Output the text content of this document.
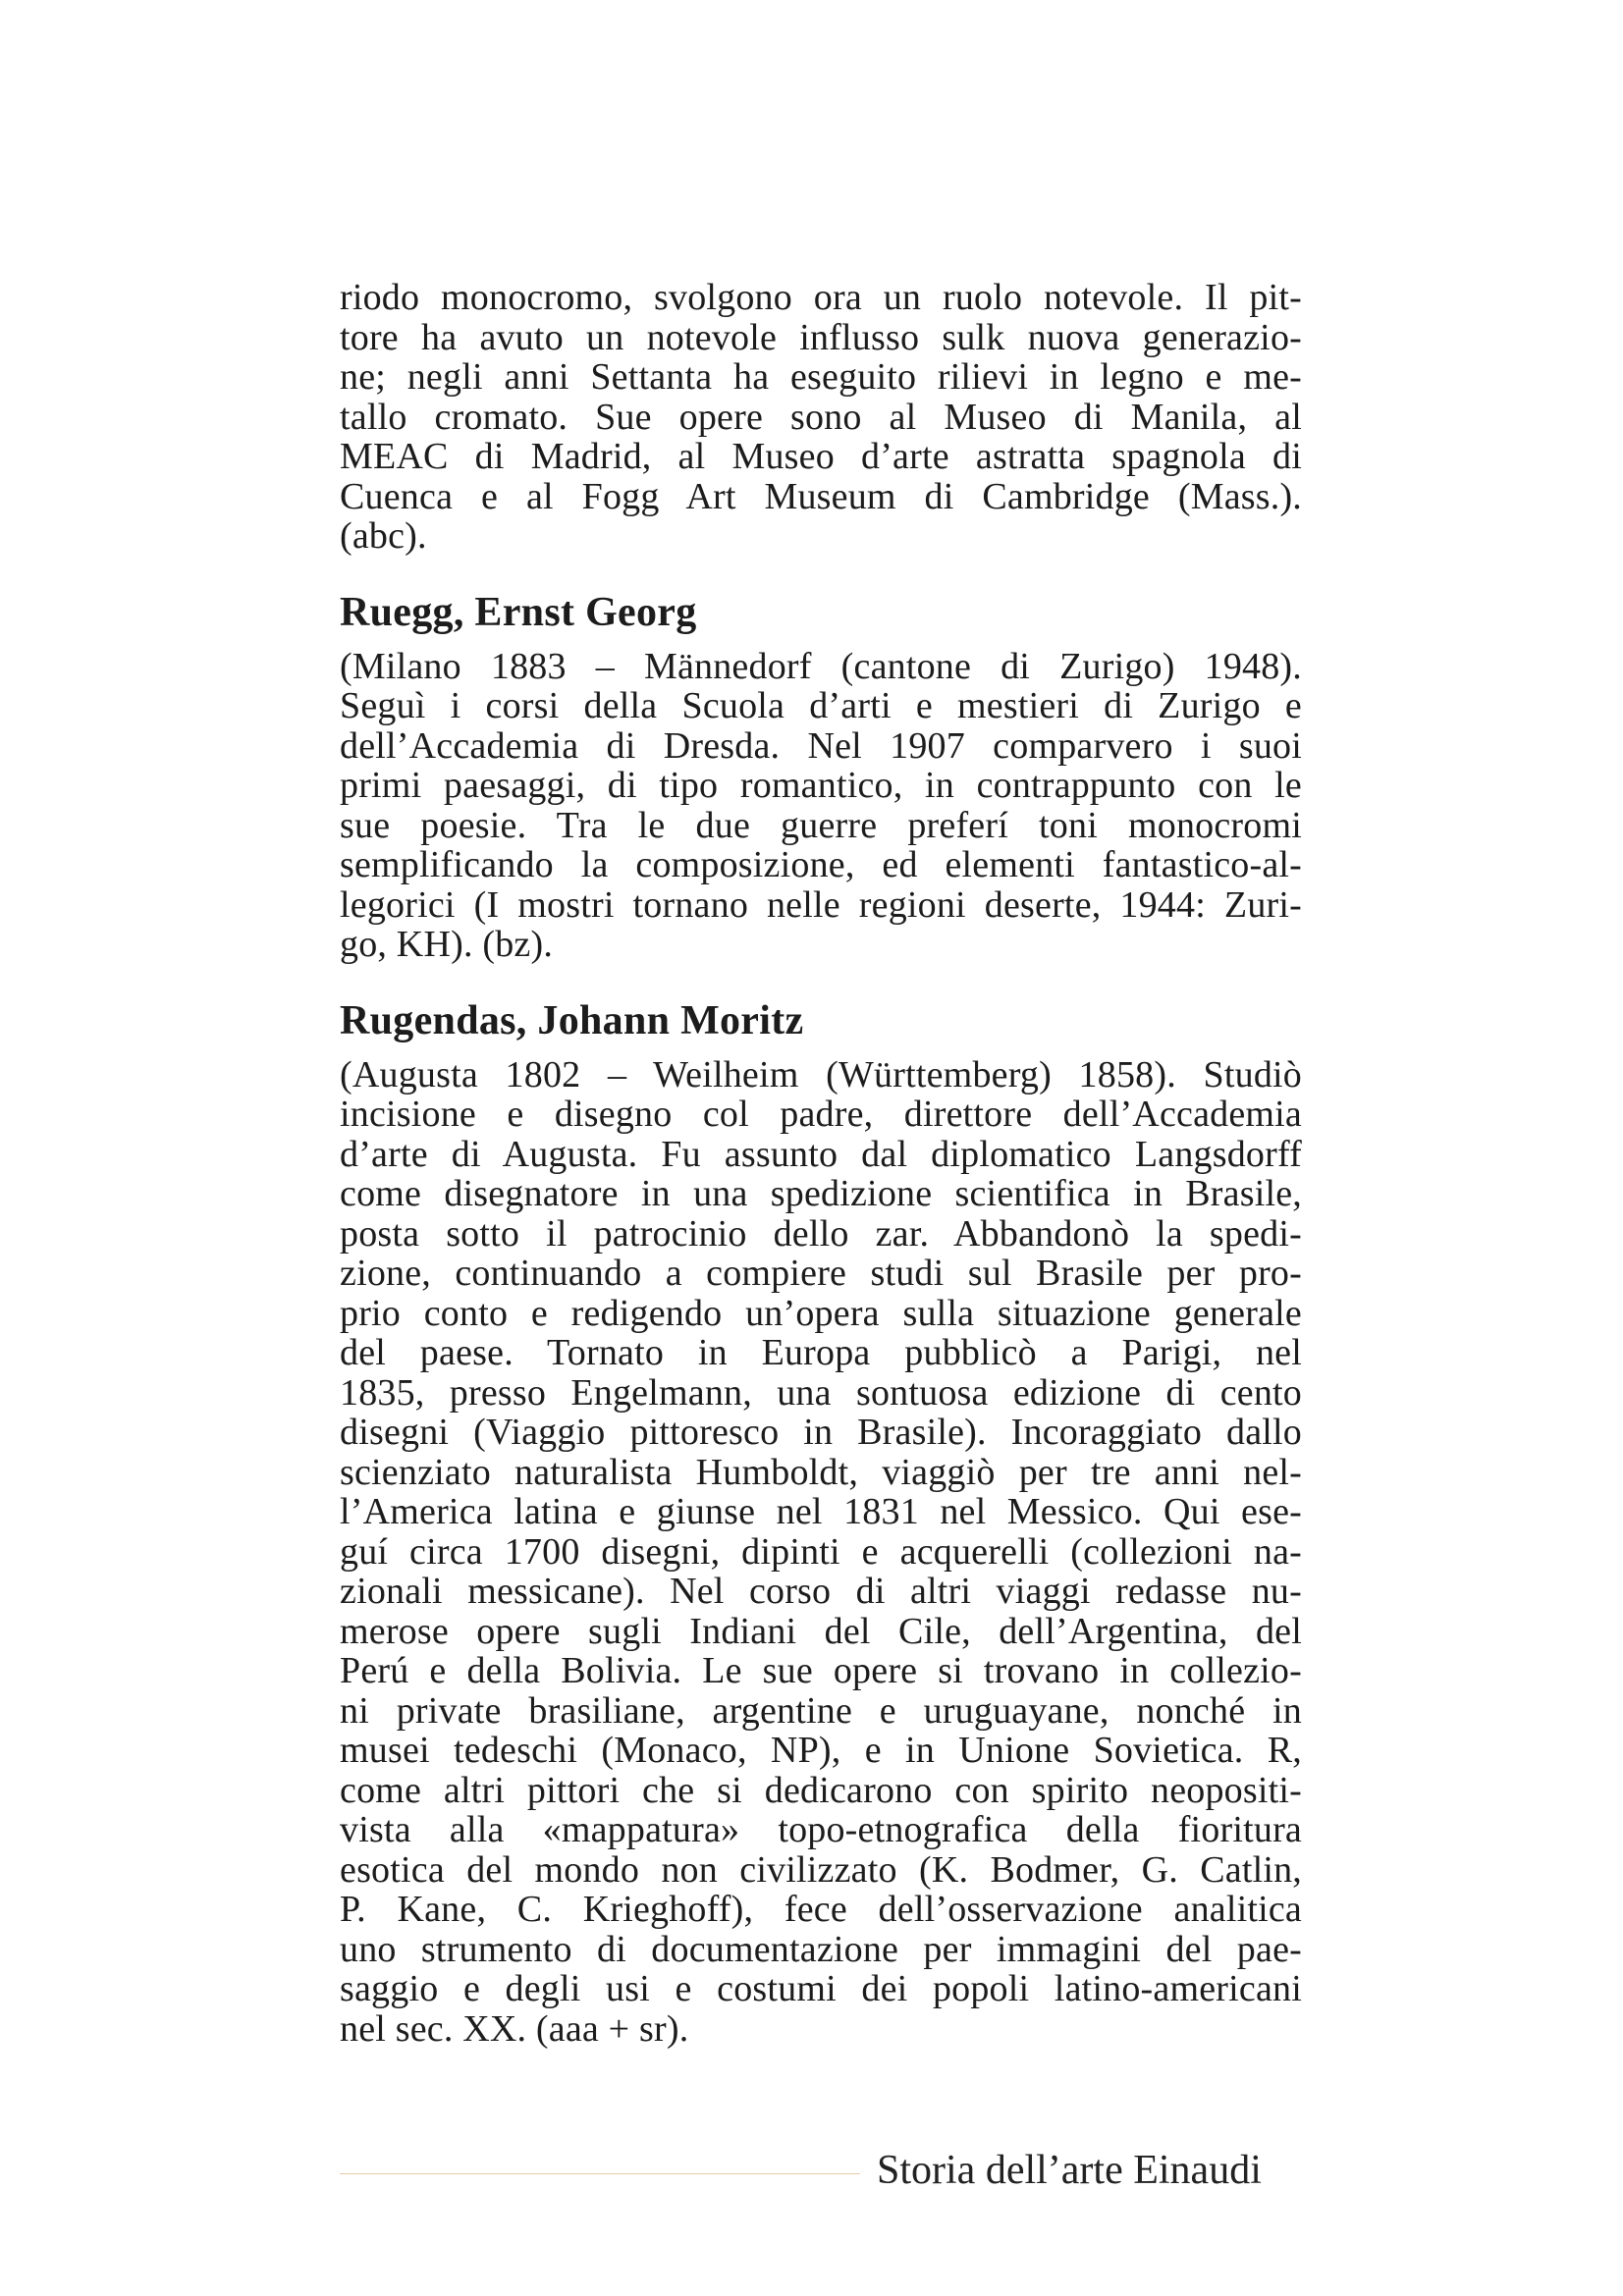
riodo monocromo, svolgono ora un ruolo notevole. Il pit-
tore ha avuto un notevole influsso sulk nuova generazio-
ne; negli anni Settanta ha eseguito rilievi in legno e me-
tallo cromato. Sue opere sono al Museo di Manila, al
MEAC di Madrid, al Museo d’arte astratta spagnola di
Cuenca e al Fogg Art Museum di Cambridge (Mass.).
(abc).
Ruegg, Ernst Georg
(Milano 1883 – Männedorf (cantone di Zurigo) 1948).
Seguì i corsi della Scuola d’arti e mestieri di Zurigo e
dell’Accademia di Dresda. Nel 1907 comparvero i suoi
primi paesaggi, di tipo romantico, in contrappunto con le
sue poesie. Tra le due guerre preferí toni monocromi
semplificando la composizione, ed elementi fantastico-al-
legorici (I mostri tornano nelle regioni deserte, 1944: Zuri-
go, KH). (bz).
Rugendas, Johann Moritz
(Augusta 1802 – Weilheim (Württemberg) 1858). Studiò
incisione e disegno col padre, direttore dell’Accademia
d’arte di Augusta. Fu assunto dal diplomatico Langsdorff
come disegnatore in una spedizione scientifica in Brasile,
posta sotto il patrocinio dello zar. Abbandonò la spedi-
zione, continuando a compiere studi sul Brasile per pro-
prio conto e redigendo un’opera sulla situazione generale
del paese. Tornato in Europa pubblicò a Parigi, nel
1835, presso Engelmann, una sontuosa edizione di cento
disegni (Viaggio pittoresco in Brasile). Incoraggiato dallo
scienziato naturalista Humboldt, viaggiò per tre anni nel-
l’America latina e giunse nel 1831 nel Messico. Qui ese-
guí circa 1700 disegni, dipinti e acquerelli (collezioni na-
zionali messicane). Nel corso di altri viaggi redasse nu-
merose opere sugli Indiani del Cile, dell’Argentina, del
Perú e della Bolivia. Le sue opere si trovano in collezio-
ni private brasiliane, argentine e uruguayane, nonché in
musei tedeschi (Monaco, NP), e in Unione Sovietica. R,
come altri pittori che si dedicarono con spirito neopositi-
vista alla «mappatura» topo-etnografica della fioritura
esotica del mondo non civilizzato (K. Bodmer, G. Catlin,
P. Kane, C. Krieghoff), fece dell’osservazione analitica
uno strumento di documentazione per immagini del pae-
saggio e degli usi e costumi dei popoli latino-americani
nel sec. XX. (aaa + sr).
Storia dell’arte Einaudi
